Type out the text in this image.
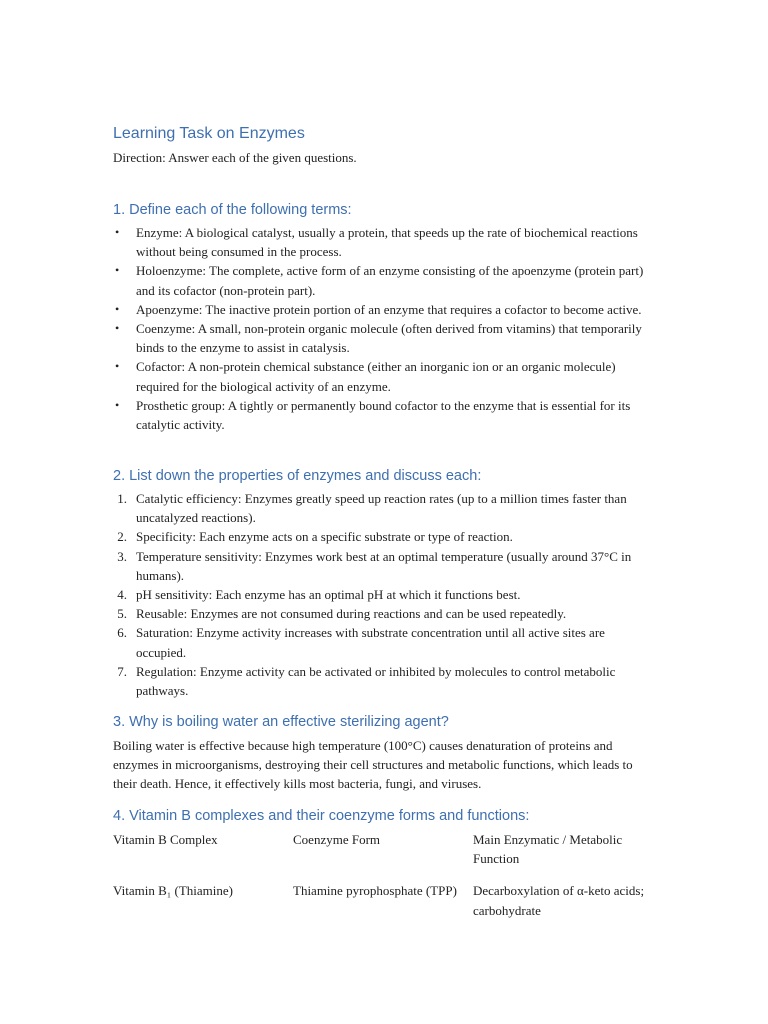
Learning Task on Enzymes
Direction: Answer each of the given questions.
1. Define each of the following terms:
• Enzyme: A biological catalyst, usually a protein, that speeds up the rate of biochemical reactions without being consumed in the process.
• Holoenzyme: The complete, active form of an enzyme consisting of the apoenzyme (protein part) and its cofactor (non-protein part).
• Apoenzyme: The inactive protein portion of an enzyme that requires a cofactor to become active.
• Coenzyme: A small, non-protein organic molecule (often derived from vitamins) that temporarily binds to the enzyme to assist in catalysis.
• Cofactor: A non-protein chemical substance (either an inorganic ion or an organic molecule) required for the biological activity of an enzyme.
• Prosthetic group: A tightly or permanently bound cofactor to the enzyme that is essential for its catalytic activity.
2. List down the properties of enzymes and discuss each:
1. Catalytic efficiency: Enzymes greatly speed up reaction rates (up to a million times faster than uncatalyzed reactions).
2. Specificity: Each enzyme acts on a specific substrate or type of reaction.
3. Temperature sensitivity: Enzymes work best at an optimal temperature (usually around 37°C in humans).
4. pH sensitivity: Each enzyme has an optimal pH at which it functions best.
5. Reusable: Enzymes are not consumed during reactions and can be used repeatedly.
6. Saturation: Enzyme activity increases with substrate concentration until all active sites are occupied.
7. Regulation: Enzyme activity can be activated or inhibited by molecules to control metabolic pathways.
3. Why is boiling water an effective sterilizing agent?

Boiling water is effective because high temperature (100°C) causes denaturation of proteins and enzymes in microorganisms, destroying their cell structures and metabolic functions, which leads to their death. Hence, it effectively kills most bacteria, fungi, and viruses.

4. Vitamin B complexes and their coenzyme forms and functions:
Vitamin B Complex	Coenzyme Form	Main Enzymatic / Metabolic Function
Vitamin B₁ (Thiamine)	Thiamine pyrophosphate (TPP)	Decarboxylation of α-keto acids; carbohydrate
